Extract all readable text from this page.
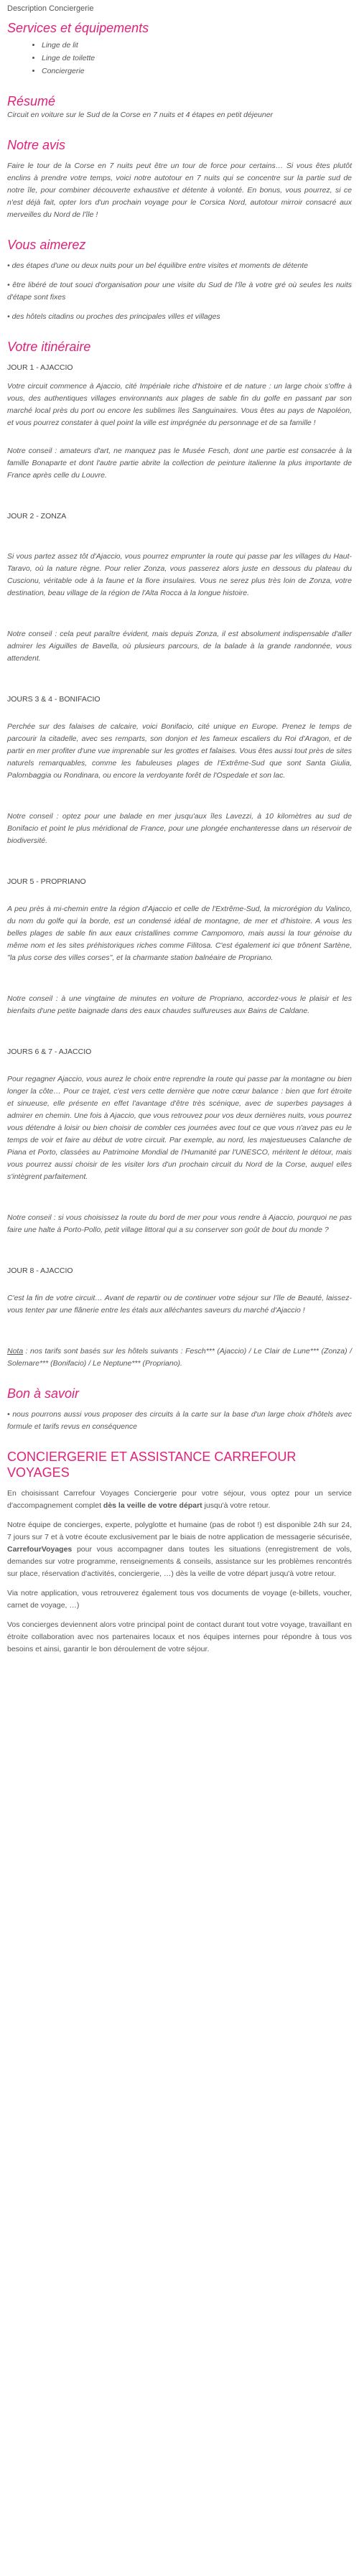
Description Conciergerie
Services et équipements
• Linge de lit
• Linge de toilette
• Conciergerie
Résumé

Circuit en voiture sur le Sud de la Corse en 7 nuits et 4 étapes en petit déjeuner

Notre avis

Faire le tour de la Corse en 7 nuits peut être un tour de force pour certains… Si vous êtes plutôt enclins à prendre votre temps, voici notre autotour en 7 nuits qui se concentre sur la partie sud de notre île, pour combiner découverte exhaustive et détente à volonté. En bonus, vous pourrez, si ce n'est déjà fait, opter lors d'un prochain voyage pour le Corsica Nord, autotour mirroir consacré aux merveilles du Nord de l'île !

Vous aimerez

• des étapes d'une ou deux nuits pour un bel équilibre entre visites et moments de détente

• être libéré de tout souci d'organisation pour une visite du Sud de l'île à votre gré où seules les nuits d'étape sont fixes

• des hôtels citadins ou proches des principales villes et villages

Votre itinéraire
JOUR 1 - AJACCIO

Votre circuit commence à Ajaccio, cité Impériale riche d'histoire et de nature : un large choix s'offre à vous, des authentiques villages environnants aux plages de sable fin du golfe en passant par son marché local près du port ou encore les sublimes îles Sanguinaires. Vous êtes au pays de Napoléon, et vous pourrez constater à quel point la ville est imprégnée du personnage et de sa famille !

Notre conseil : amateurs d'art, ne manquez pas le Musée Fesch, dont une partie est consacrée à la famille Bonaparte et dont l'autre partie abrite la collection de peinture italienne la plus importante de France après celle du Louvre.

JOUR 2 - ZONZA

Si vous partez assez tôt d'Ajaccio, vous pourrez emprunter la route qui passe par les villages du Haut-Taravo, où la nature règne. Pour relier Zonza, vous passerez alors juste en dessous du plateau du Cuscionu, véritable ode à la faune et la flore insulaires. Vous ne serez plus très loin de Zonza, votre destination, beau village de la région de l'Alta Rocca à la longue histoire.

Notre conseil : cela peut paraître évident, mais depuis Zonza, il est absolument indispensable d'aller admirer les Aiguilles de Bavella, où plusieurs parcours, de la balade à la grande randonnée, vous attendent.

JOURS 3 & 4 - BONIFACIO

Perchée sur des falaises de calcaire, voici Bonifacio, cité unique en Europe. Prenez le temps de parcourir la citadelle, avec ses remparts, son donjon et les fameux escaliers du Roi d'Aragon, et de partir en mer profiter d'une vue imprenable sur les grottes et falaises. Vous êtes aussi tout près de sites naturels remarquables, comme les fabuleuses plages de l'Extrême-Sud que sont Santa Giulia, Palombaggia ou Rondinara, ou encore la verdoyante forêt de l'Ospedale et son lac.

Notre conseil : optez pour une balade en mer jusqu'aux îles Lavezzi, à 10 kilomètres au sud de Bonifacio et point le plus méridional de France, pour une plongée enchanteresse dans un réservoir de biodiversité.

JOUR 5 - PROPRIANO

A peu près à mi-chemin entre la région d'Ajaccio et celle de l'Extrême-Sud, la microrégion du Valinco, du nom du golfe qui la borde, est un condensé idéal de montagne, de mer et d'histoire. A vous les belles plages de sable fin aux eaux cristallines comme Campomoro, mais aussi la tour génoise du même nom et les sites préhistoriques riches comme Filitosa. C'est également ici que trônent Sartène, "la plus corse des villes corses", et la charmante station balnéaire de Propriano.

Notre conseil : à une vingtaine de minutes en voiture de Propriano, accordez-vous le plaisir et les bienfaits d'une petite baignade dans des eaux chaudes sulfureuses aux Bains de Caldane.

JOURS 6 & 7 - AJACCIO

Pour regagner Ajaccio, vous aurez le choix entre reprendre la route qui passe par la montagne ou bien longer la côte… Pour ce trajet, c'est vers cette dernière que notre cœur balance : bien que fort étroite et sinueuse, elle présente en effet l'avantage d'être très scénique, avec de superbes paysages à admirer en chemin. Une fois à Ajaccio, que vous retrouvez pour vos deux dernières nuits, vous pourrez vous détendre à loisir ou bien choisir de combler ces journées avec tout ce que vous n'avez pas eu le temps de voir et faire au début de votre circuit. Par exemple, au nord, les majestueuses Calanche de Piana et Porto, classées au Patrimoine Mondial de l'Humanité par l'UNESCO, méritent le détour, mais vous pourrez aussi choisir de les visiter lors d'un prochain circuit du Nord de la Corse, auquel elles s'intègrent parfaitement.

Notre conseil : si vous choisissez la route du bord de mer pour vous rendre à Ajaccio, pourquoi ne pas faire une halte à Porto-Pollo, petit village littoral qui a su conserver son goût de bout du monde ?

JOUR 8 - AJACCIO

C'est la fin de votre circuit… Avant de repartir ou de continuer votre séjour sur l'île de Beauté, laissez-vous tenter par une flânerie entre les étals aux alléchantes saveurs du marché d'Ajaccio !

Nota : nos tarifs sont basés sur les hôtels suivants : Fesch*** (Ajaccio) / Le Clair de Lune*** (Zonza) / Solemare*** (Bonifacio) / Le Neptune*** (Propriano).

Bon à savoir

• nous pourrons aussi vous proposer des circuits à la carte sur la base d'un large choix d'hôtels avec formule et tarifs revus en conséquence

CONCIERGERIE ET ASSISTANCE CARREFOUR VOYAGES

En choisissant Carrefour Voyages Conciergerie pour votre séjour, vous optez pour un service d'accompagnement complet dès la veille de votre départ jusqu'à votre retour.

Notre équipe de concierges, experte, polyglotte et humaine (pas de robot !) est disponible 24h sur 24, 7 jours sur 7 et à votre écoute exclusivement par le biais de notre application de messagerie sécurisée, CarrefourVoyages pour vous accompagner dans toutes les situations (enregistrement de vols, demandes sur votre programme, renseignements & conseils, assistance sur les problèmes rencontrés sur place, réservation d'activités, conciergerie, …) dès la veille de votre départ jusqu'à votre retour.

Via notre application, vous retrouverez également tous vos documents de voyage (e-billets, voucher, carnet de voyage, …)

Vos concierges deviennent alors votre principal point de contact durant tout votre voyage, travaillant en étroite collaboration avec nos partenaires locaux et nos équipes internes pour répondre à tous vos besoins et ainsi, garantir le bon déroulement de votre séjour.
